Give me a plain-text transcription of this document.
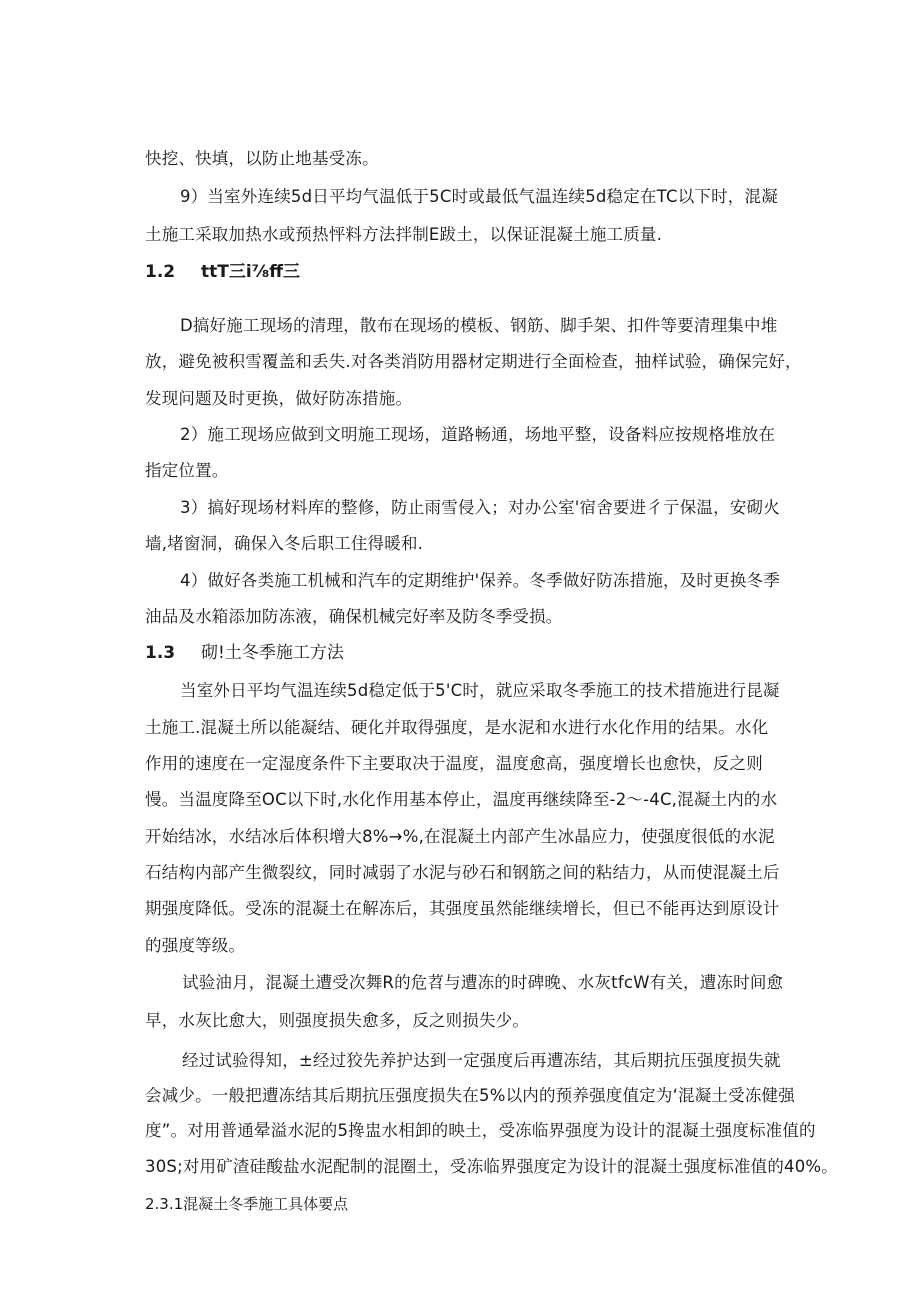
快挖、快填，以防止地基受冻。
9）当室外连续5d日平均气温低于5C时或最低气温连续5d稳定在TC以下时，混凝
土施工采取加热水或预热怦料方法拌制E跋土，以保证混凝土施工质量.
1.2 ttT三i⅞ff三
D搞好施工现场的清理，散布在现场的模板、钢筋、脚手架、扣件等要清理集中堆
放，避免被积雪覆盖和丢失.对各类消防用器材定期进行全面检查，抽样试验，确保完好，
发现问题及时更换，做好防冻措施。
2）施工现场应做到文明施工现场，道路畅通，场地平整，设备料应按规格堆放在
指定位置。
3）搞好现场材料库的整修，防止雨雪侵入；对办公室'宿舍要进彳亍保温，安砌火
墙,堵窗洞，确保入冬后职工住得暖和.
4）做好各类施工机械和汽车的定期维护'保养。冬季做好防冻措施，及时更换冬季
油品及水箱添加防冻液，确保机械完好率及防冬季受损。
1.3 砌!土冬季施工方法
当室外日平均气温连续5d稳定低于5'C时，就应采取冬季施工的技术措施进行昆凝
土施工.混凝土所以能凝结、硬化并取得强度，是水泥和水进行水化作用的结果。水化
作用的速度在一定湿度条件下主要取决于温度，温度愈高，强度增长也愈快，反之则
慢。当温度降至OC以下时,水化作用基本停止，温度再继续降至-2〜-4C,混凝土内的水
开始结冰，水结冰后体积增大8%→%,在混凝土内部产生冰晶应力，使强度很低的水泥
石结构内部产生微裂纹，同时减弱了水泥与砂石和钢筋之间的粘结力，从而使混凝土后
期强度降低。受冻的混凝土在解冻后，其强度虽然能继续增长，但已不能再达到原设计
的强度等级。
试验油月，混凝土遭受次舞R的危苕与遭冻的时碑晚、水灰tfcW有关，遭冻时间愈
早，水灰比愈大，则强度损失愈多，反之则损失少。
经过试验得知，±经过狡先养护达到一定强度后再遭冻结，其后期抗压强度损失就
会减少。一般把遭冻结其后期抗压强度损失在5%以内的预养强度值定为‘混凝土受冻健强
度”。对用普通晕溢水泥的5搀盅水相卸的映土，受冻临界强度为设计的混凝土强度标准值的
30S;对用矿渣硅酸盐水泥配制的混圈土，受冻临界强度定为设计的混凝土强度标准值的40%。
2.3.1混凝土冬季施工具体要点
